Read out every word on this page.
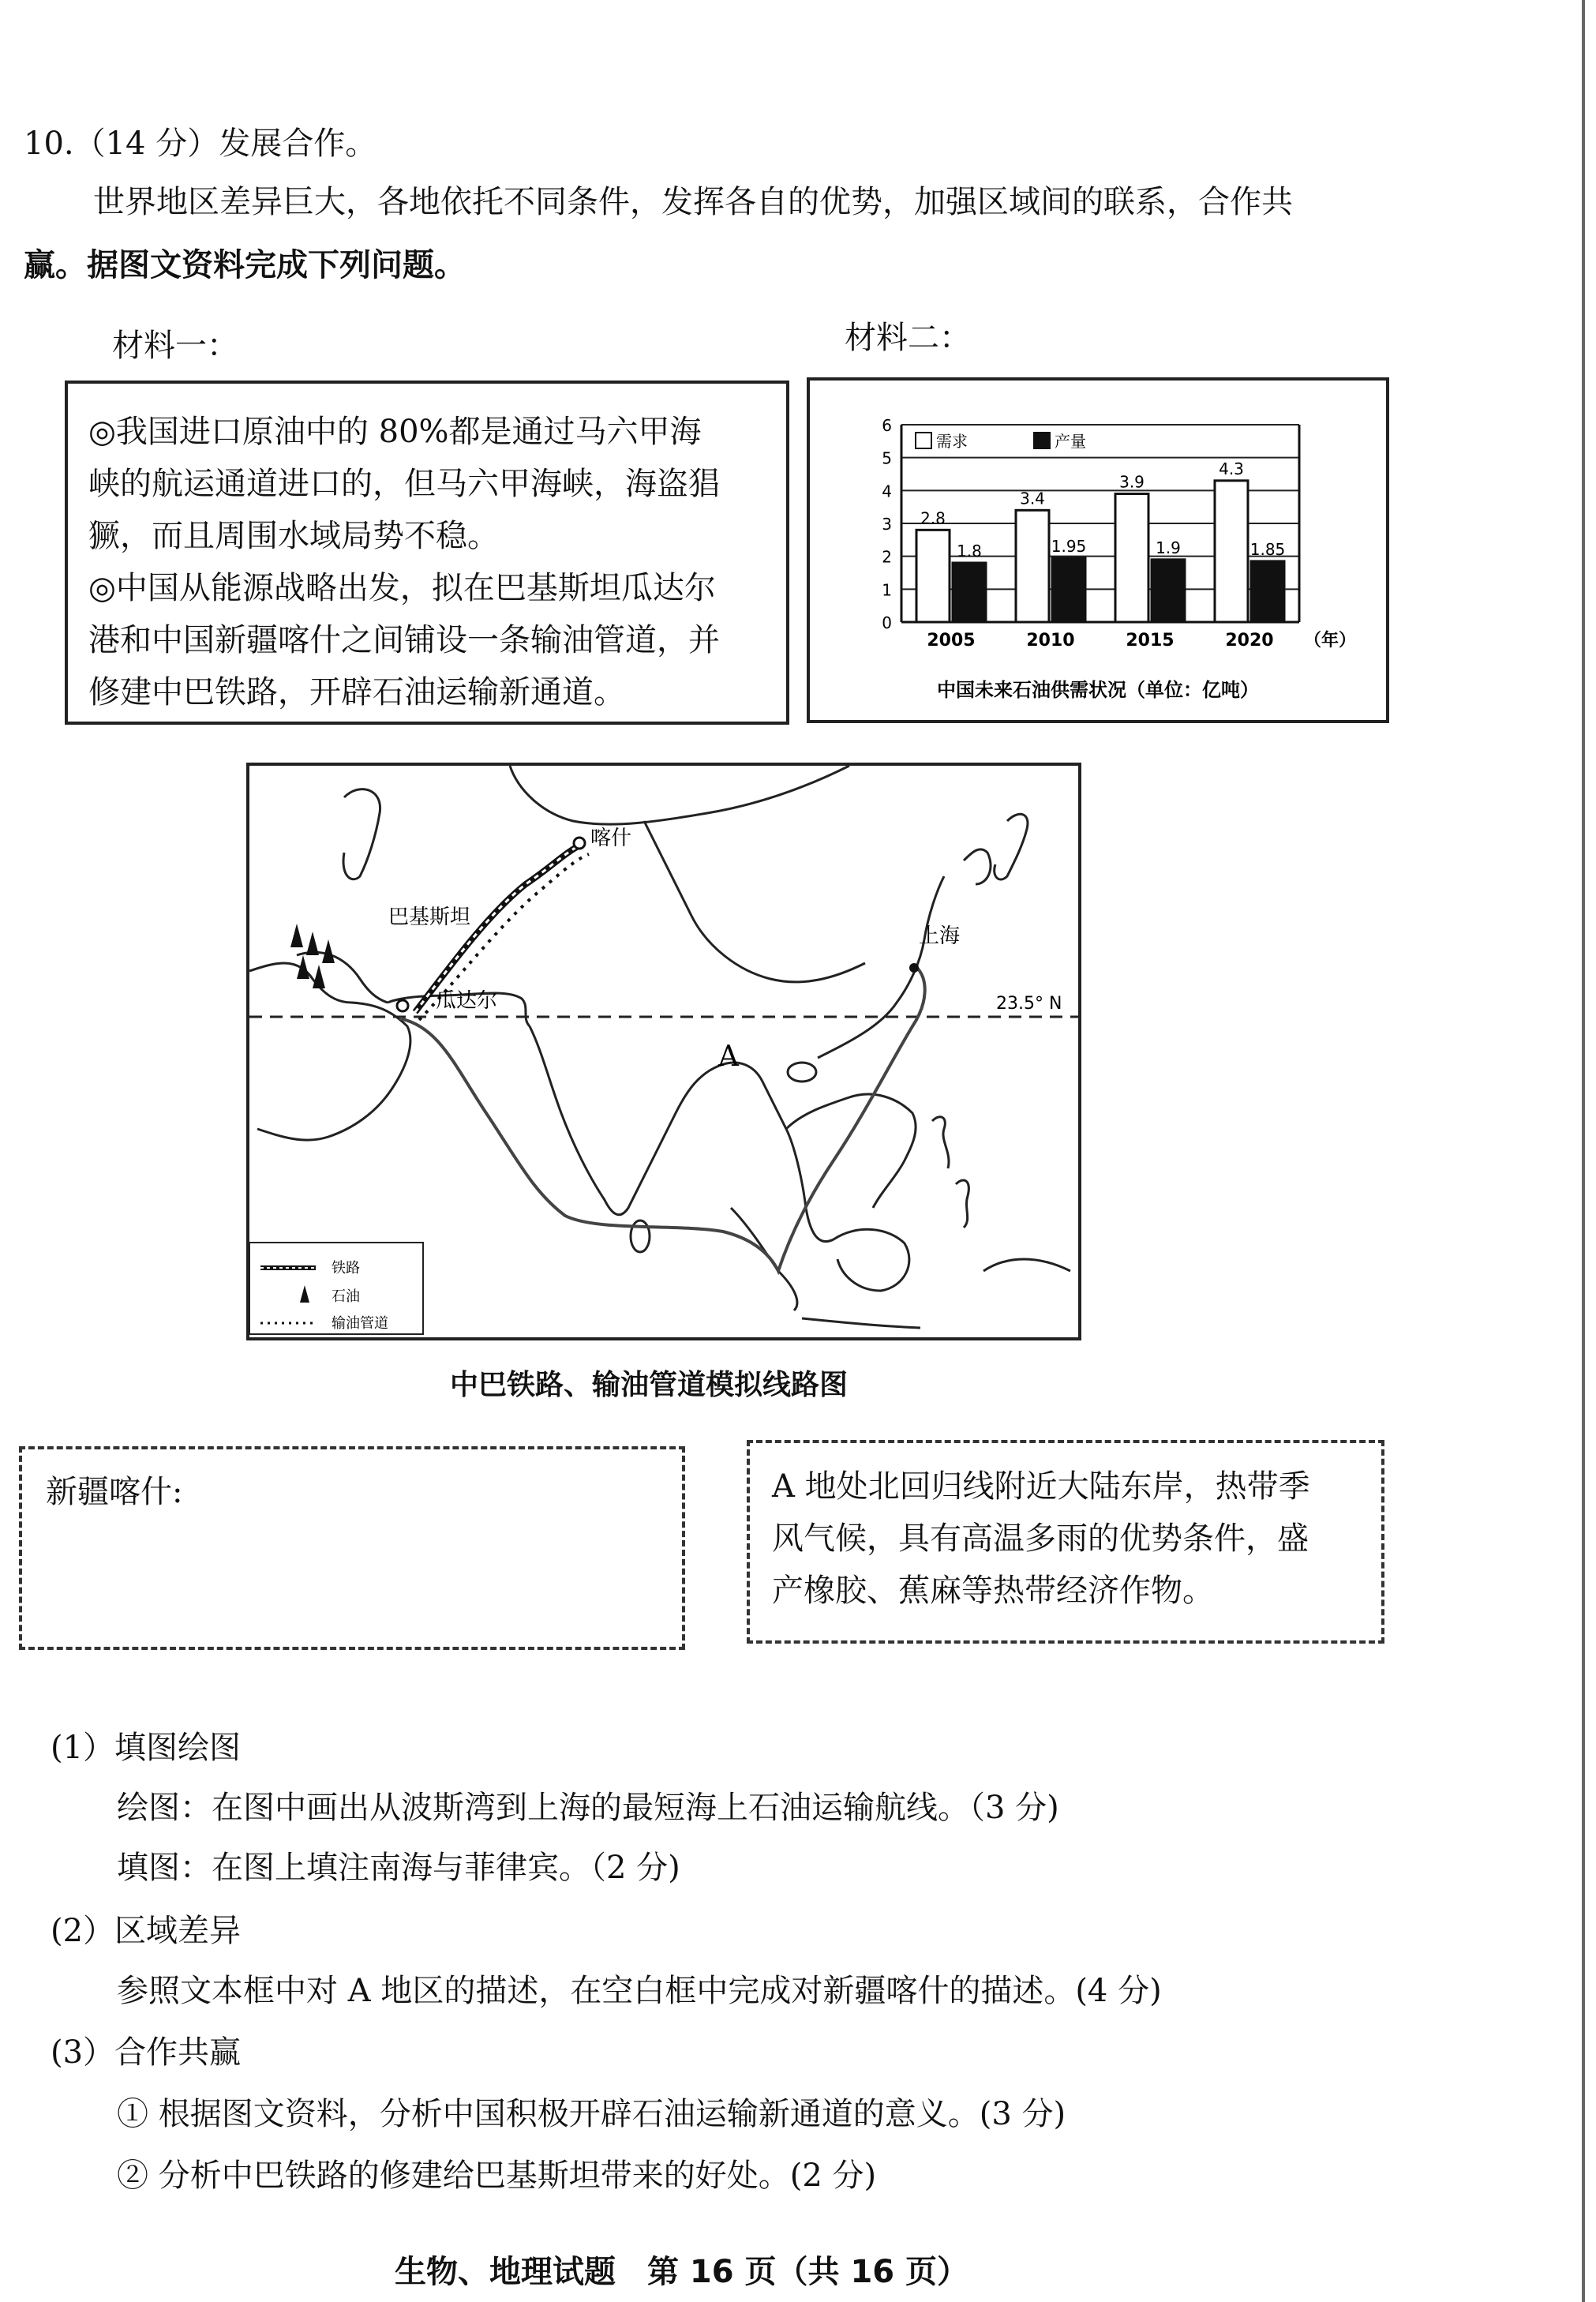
10.（14 分）发展合作。
世界地区差异巨大，各地依托不同条件，发挥各自的优势，加强区域间的联系，合作共
赢。据图文资料完成下列问题。
材料一：

◎我国进口原油中的 80%都是通过马六甲海

峡的航运通道进口的，但马六甲海峡，海盗猖

獗，而且周围水域局势不稳。

◎中国从能源战略出发，拟在巴基斯坦瓜达尔

港和中国新疆喀什之间铺设一条输油管道，并

修建中巴铁路，开辟石油运输新通道。

材料二：
0
1
2
3
4
5
6
2.8
1.8
2005
3.4
1.95
2010
3.9
1.9
2015
4.3
1.85
2020 （年）
需求	产量
中国未来石油供需状况（单位：亿吨）
喀什
巴基斯坦
瓜达尔
上海
23.5° N
A
铁路
石油
输油管道
中巴铁路、输油管道模拟线路图
新疆喀什:	A 地处北回归线附近大陆东岸，热带季

风气候，具有高温多雨的优势条件，盛

产橡胶、蕉麻等热带经济作物。

(1）填图绘图
绘图：在图中画出从波斯湾到上海的最短海上石油运输航线。（3 分)
填图：在图上填注南海与菲律宾。（2 分)
(2）区域差异
参照文本框中对 A 地区的描述，在空白框中完成对新疆喀什的描述。(4 分)
(3）合作共赢
① 根据图文资料，分析中国积极开辟石油运输新通道的意义。(3 分)
② 分析中巴铁路的修建给巴基斯坦带来的好处。(2 分)
生物、地理试题　第 16 页（共 16 页）
